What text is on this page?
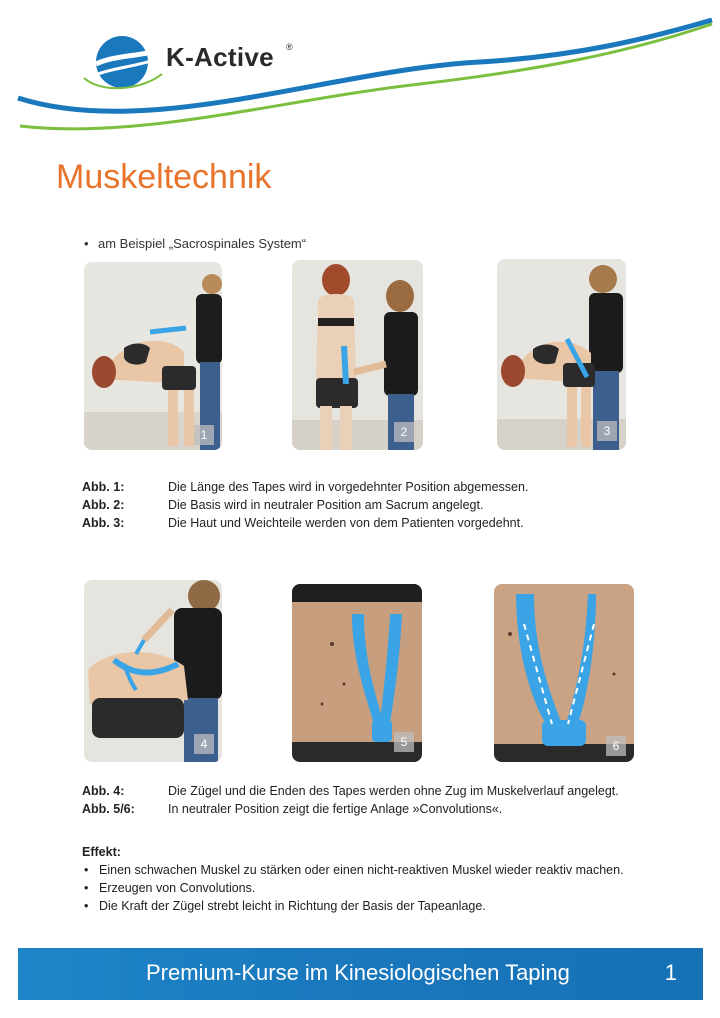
K-Active ®
Muskeltechnik
• am Beispiel „Sacrospinales System“
1	2	3
Abb. 1:	Die Länge des Tapes wird in vorgedehnter Position abgemessen.
Abb. 2:	Die Basis wird in neutraler Position am Sacrum angelegt.
Abb. 3:	Die Haut und Weichteile werden von dem Patienten vorgedehnt.
4	5	6
Abb. 4:	Die Zügel und die Enden des Tapes werden ohne Zug im Muskelverlauf angelegt.
Abb. 5/6:	In neutraler Position zeigt die fertige Anlage »Convolutions«.
Effekt:
• Einen schwachen Muskel zu stärken oder einen nicht-reaktiven Muskel wieder reaktiv machen.
• Erzeugen von Convolutions.
• Die Kraft der Zügel strebt leicht in Richtung der Basis der Tapeanlage.
Premium-Kurse im Kinesiologischen Taping	1
